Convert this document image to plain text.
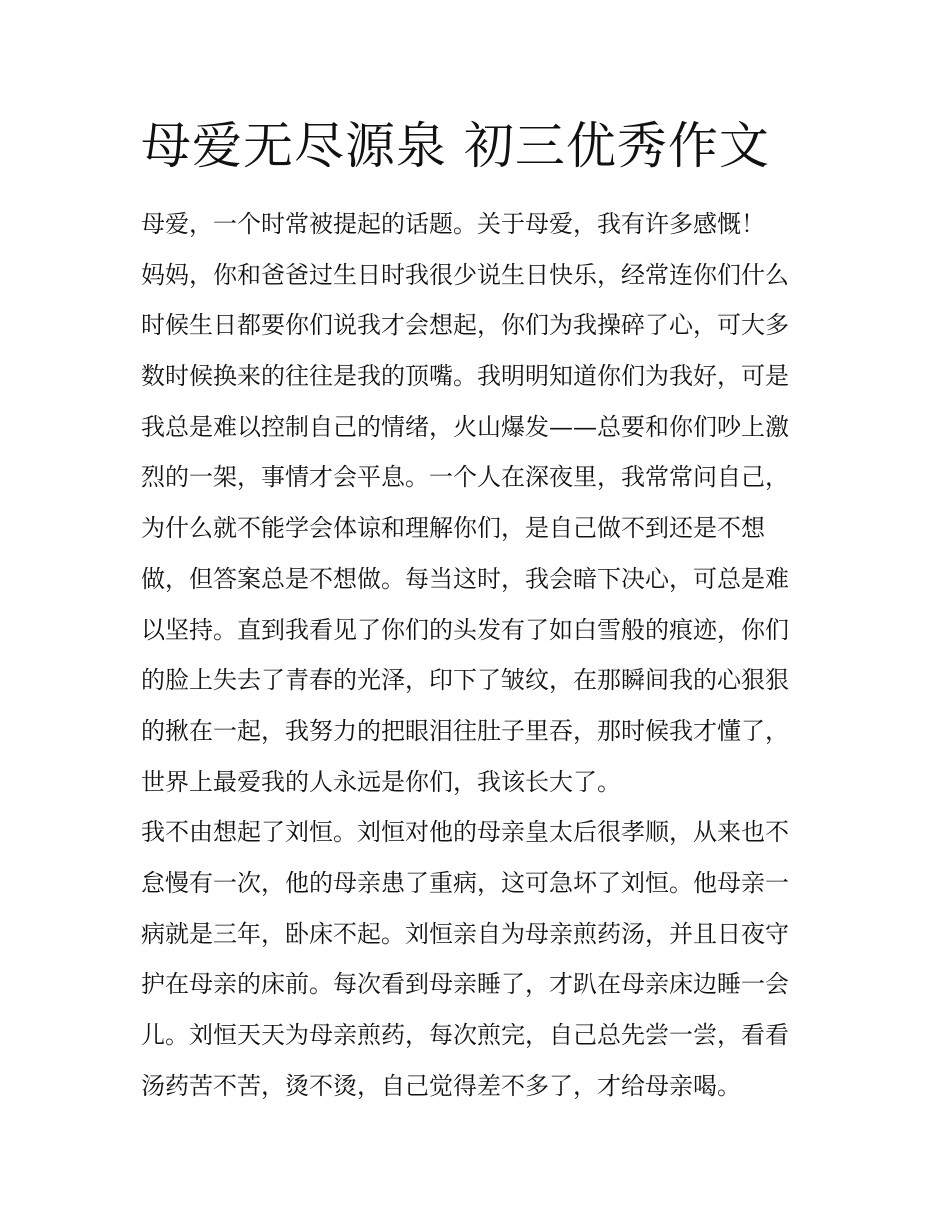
母爱无尽源泉 初三优秀作文
母爱，一个时常被提起的话题。关于母爱，我有许多感慨！
妈妈，你和爸爸过生日时我很少说生日快乐，经常连你们什么
时候生日都要你们说我才会想起，你们为我操碎了心，可大多
数时候换来的往往是我的顶嘴。我明明知道你们为我好，可是
我总是难以控制自己的情绪，火山爆发——总要和你们吵上激
烈的一架，事情才会平息。一个人在深夜里，我常常问自己，
为什么就不能学会体谅和理解你们，是自己做不到还是不想
做，但答案总是不想做。每当这时，我会暗下决心，可总是难
以坚持。直到我看见了你们的头发有了如白雪般的痕迹，你们
的脸上失去了青春的光泽，印下了皱纹，在那瞬间我的心狠狠
的揪在一起，我努力的把眼泪往肚子里吞，那时候我才懂了，
世界上最爱我的人永远是你们，我该长大了。
我不由想起了刘恒。刘恒对他的母亲皇太后很孝顺，从来也不
怠慢有一次，他的母亲患了重病，这可急坏了刘恒。他母亲一
病就是三年，卧床不起。刘恒亲自为母亲煎药汤，并且日夜守
护在母亲的床前。每次看到母亲睡了，才趴在母亲床边睡一会
儿。刘恒天天为母亲煎药，每次煎完，自己总先尝一尝，看看
汤药苦不苦，烫不烫，自己觉得差不多了，才给母亲喝。
